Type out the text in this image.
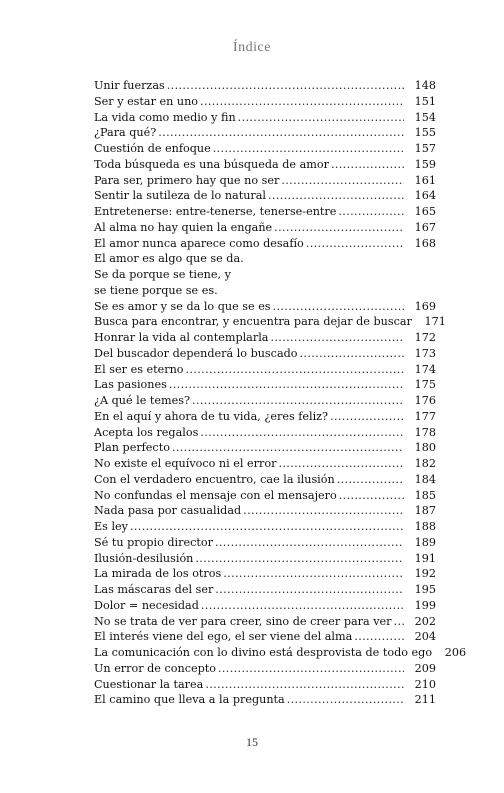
Índice
Unir fuerzas . . .	148
Ser y estar en uno . . .	151
La vida como medio y fin . . .	154
¿Para qué? . . .	155
Cuestión de enfoque . . .	157
Toda búsqueda es una búsqueda de amor . . .	159
Para ser, primero hay que no ser . . .	161
Sentir la sutileza de lo natural . . .	164
Entretenerse: entre-tenerse, tenerse-entre . . .	165
Al alma no hay quien la engañe . . .	167
El amor nunca aparece como desafío . . .	168
El amor es algo que se da.
Se da porque se tiene, y
se tiene porque se es.
Se es amor y se da lo que se es . . .	169
Busca para encontrar, y encuentra para dejar de buscar	171
Honrar la vida al contemplarla . . .	172
Del buscador dependerá lo buscado . . .	173
El ser es eterno . . .	174
Las pasiones . . .	175
¿A qué le temes? . . .	176
En el aquí y ahora de tu vida, ¿eres feliz? . . .	177
Acepta los regalos . . .	178
Plan perfecto . . .	180
No existe el equívoco ni el error . . .	182
Con el verdadero encuentro, cae la ilusión . . .	184
No confundas el mensaje con el mensajero . . .	185
Nada pasa por casualidad . . .	187
Es ley . . .	188
Sé tu propio director . . .	189
Ilusión-desilusión . . .	191
La mirada de los otros . . .	192
Las máscaras del ser . . .	195
Dolor = necesidad . . .	199
No se trata de ver para creer, sino de creer para ver . . .	202
El interés viene del ego, el ser viene del alma . . .	204
La comunicación con lo divino está desprovista de todo ego	206
Un error de concepto . . .	209
Cuestionar la tarea . . .	210
El camino que lleva a la pregunta . . .	211
15
